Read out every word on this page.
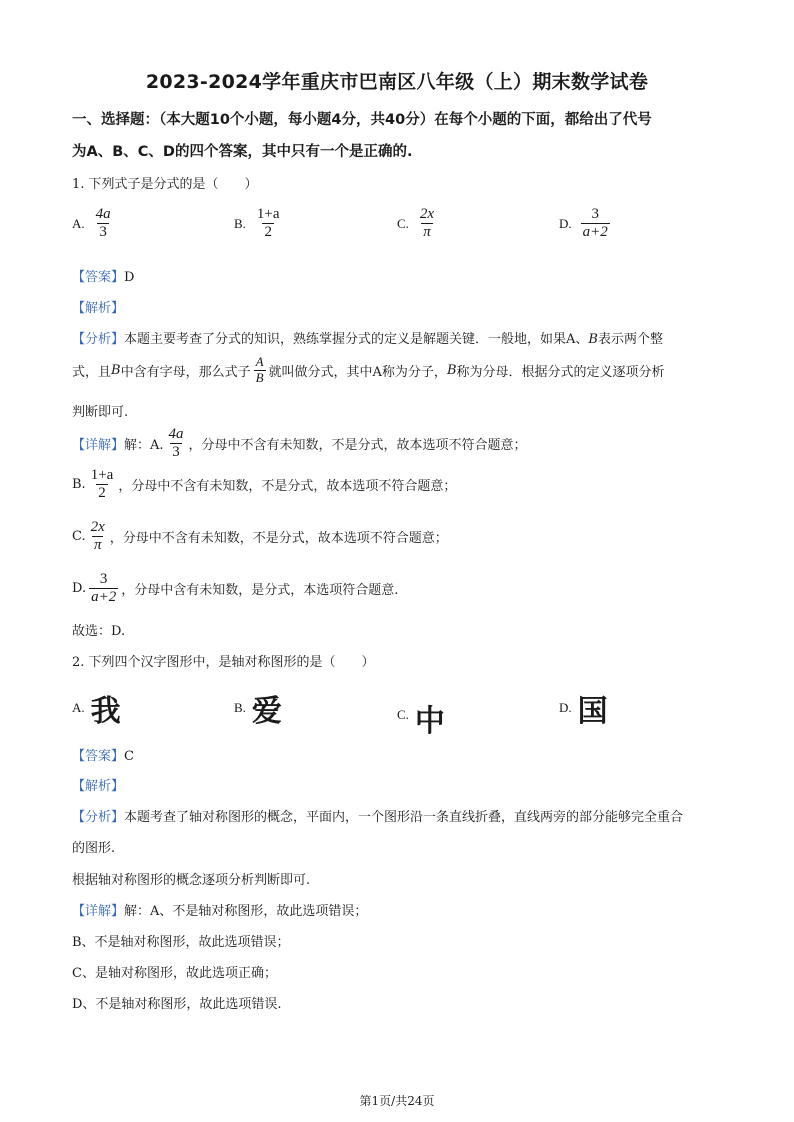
2023-2024学年重庆市巴南区八年级（上）期末数学试卷
一、选择题：（本大题10个小题，每小题4分，共40分）在每个小题的下面，都给出了代号
为A、B、C、D的四个答案，其中只有一个是正确的.
1. 下列式子是分式的是（　　）
A. $\frac{4a}{3}$	B. $\frac{1+a}{2}$	C. $\frac{2x}{\pi}$	D. $\frac{3}{a+2}$
【答案】D
【解析】
【分析】本题主要考查了分式的知识，熟练掌握分式的定义是解题关键．一般地，如果A、B表示两个整
式，且 B 中含有字母，那么式子 $\frac{A}{B}$ 就叫做分式，其中A称为分子， B 称为分母．根据分式的定义逐项分析
判断即可.
【详解】 解：A. $\frac{4a}{3}$ ，分母中不含有未知数，不是分式，故本选项不符合题意；
B. $\frac{1+a}{2}$ ，分母中不含有未知数，不是分式，故本选项不符合题意；
C. $\frac{2x}{\pi}$ ，分母中不含有未知数，不是分式，故本选项不符合题意；
D. $\frac{3}{a+2}$ ，分母中含有未知数，是分式，本选项符合题意.
故选：D.
2. 下列四个汉字图形中，是轴对称图形的是（　　）
A. 我	B. 爱	C. 中	D. 国
【答案】C
【解析】
【分析】本题考查了轴对称图形的概念，平面内，一个图形沿一条直线折叠，直线两旁的部分能够完全重合
的图形.
根据轴对称图形的概念逐项分析判断即可.
【详解】解：A、不是轴对称图形，故此选项错误；
B、不是轴对称图形，故此选项错误；
C、是轴对称图形，故此选项正确；
D、不是轴对称图形，故此选项错误.
第1页/共24页
